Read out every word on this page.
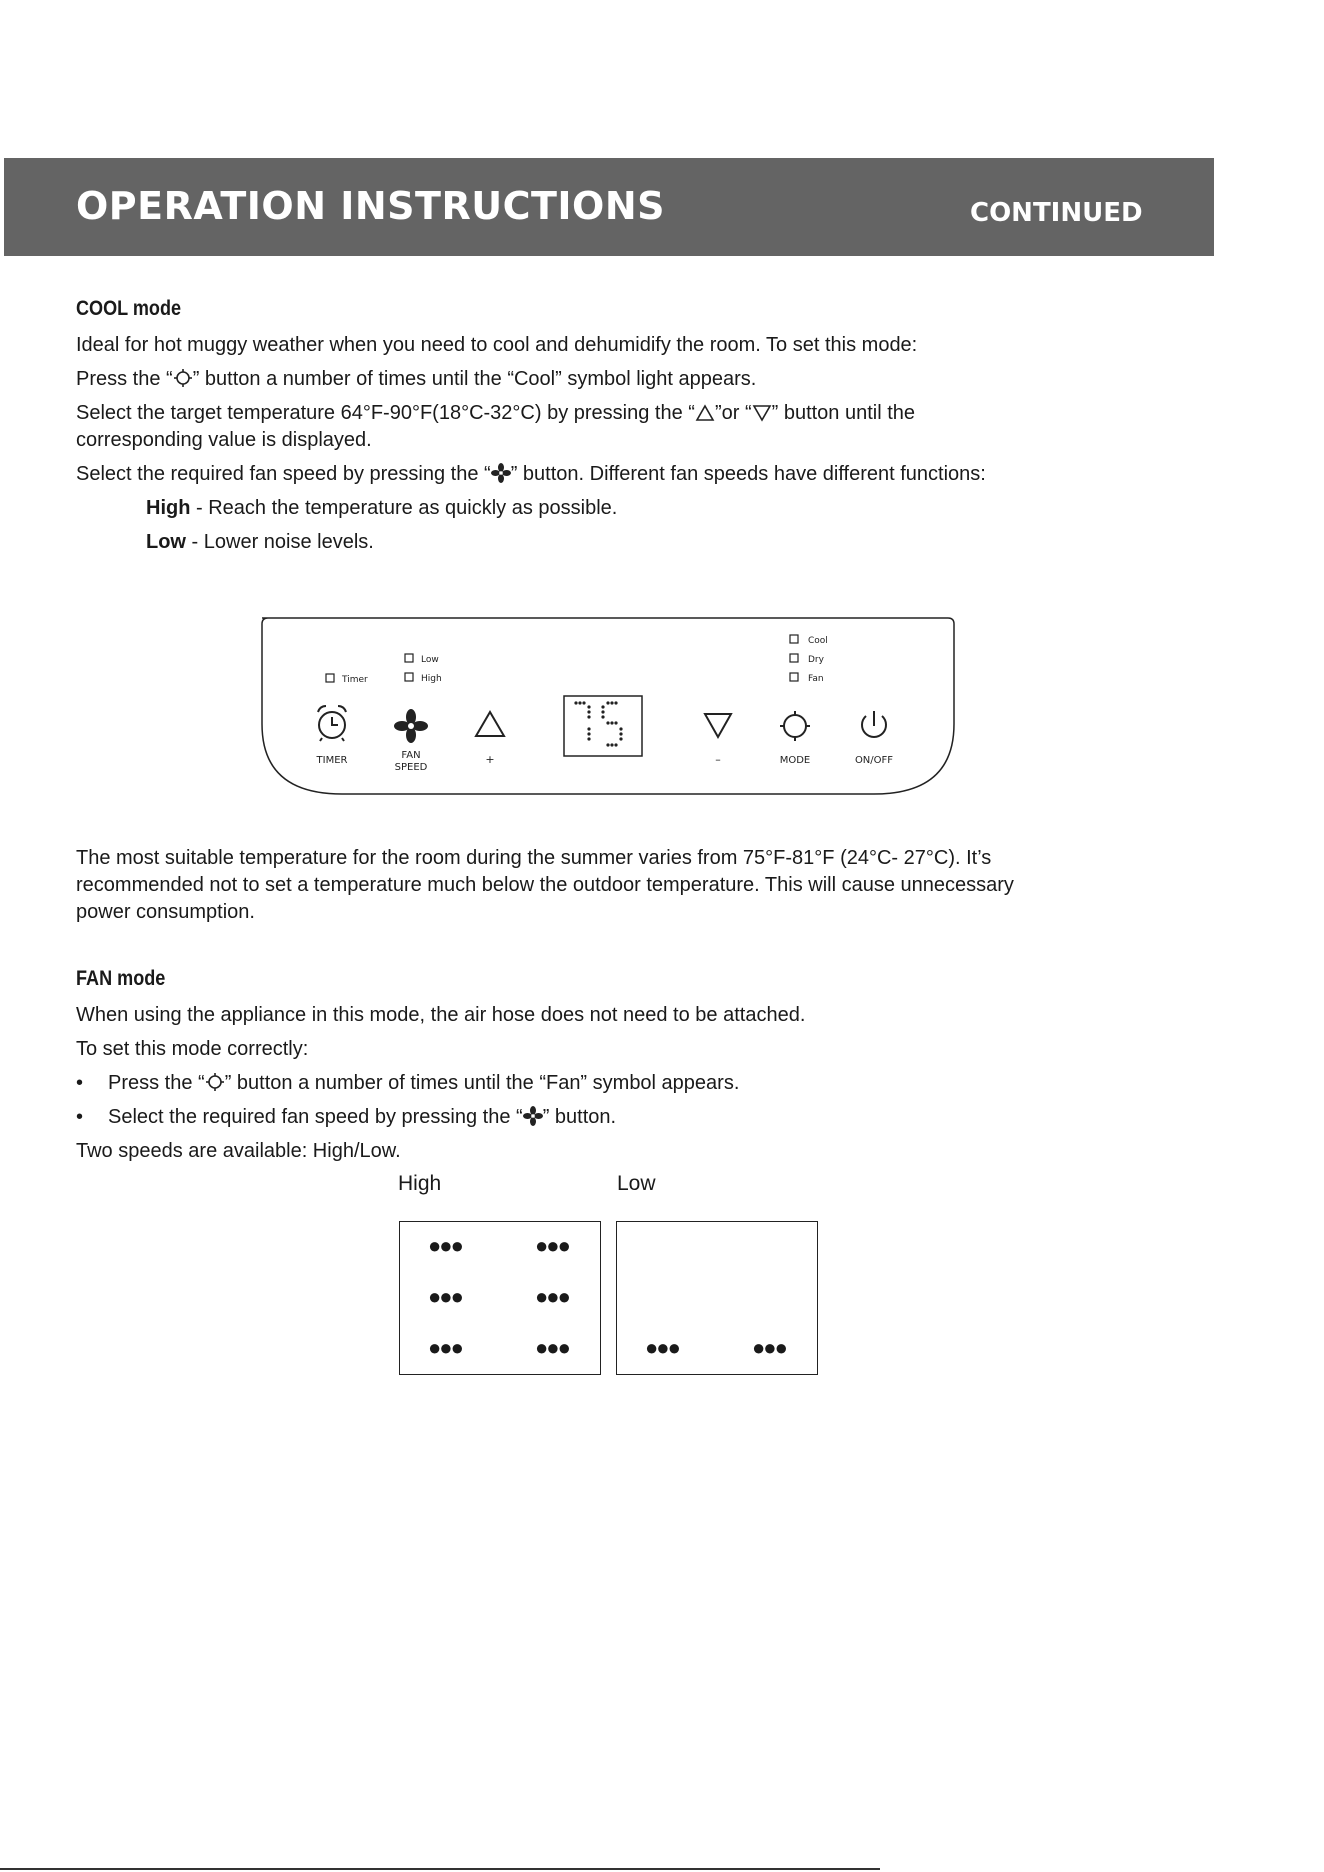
OPERATION INSTRUCTIONS	CONTINUED
COOL mode
Ideal for hot muggy weather when you need to cool and dehumidify the room. To set this mode:
Press the “ ” button a number of times until the “Cool” symbol light appears.
Select the target temperature 64°F-90°F(18°C-32°C) by pressing the “ ”or “ ” button until the
corresponding value is displayed.
Select the required fan speed by pressing the “ ” button. Different fan speeds have different functions:
High - Reach the temperature as quickly as possible.
Low - Lower noise levels.
Timer
Low
High
Cool
Dry
Fan
TIMER	FAN
SPEED
+	–	MODE	ON/OFF
The most suitable temperature for the room during the summer varies from 75°F-81°F (24°C- 27°C). It’s
recommended not to set a temperature much below the outdoor temperature. This will cause unnecessary
power consumption.
FAN mode
When using the appliance in this mode, the air hose does not need to be attached.
To set this mode correctly:
• Press the “ ” button a number of times until the “Fan” symbol appears.
• Select the required fan speed by pressing the “ ” button.
Two speeds are available: High/Low.
High	Low
●●●	●●●
●●●	●●●
●●●	●●●	●●●	●●●
